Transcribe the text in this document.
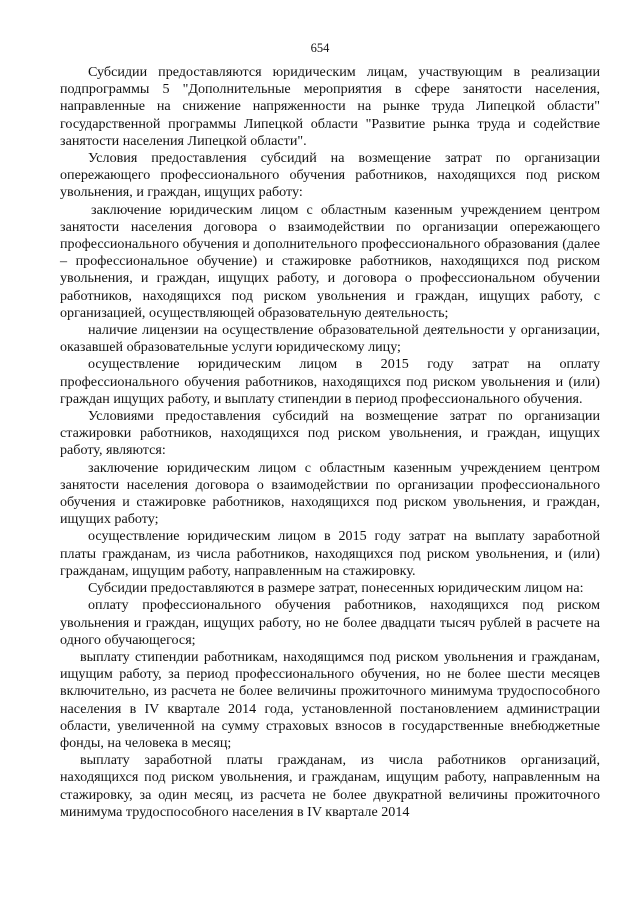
654

Субсидии предоставляются юридическим лицам, участвующим в реализации подпрограммы 5 "Дополнительные мероприятия в сфере занятости населения, направленные на снижение напряженности на рынке труда Липецкой области" государственной программы Липецкой области "Развитие рынка труда и содействие занятости населения Липецкой области".

Условия предоставления субсидий на возмещение затрат по организации опережающего профессионального обучения работников, находящихся под риском увольнения, и граждан, ищущих работу:

заключение юридическим лицом с областным казенным учреждением центром занятости населения договора о взаимодействии по организации опережающего профессионального обучения и дополнительного профессионального образования (далее – профессиональное обучение) и стажировке работников, находящихся под риском увольнения, и граждан, ищущих работу, и договора о профессиональном обучении работников, находящихся под риском увольнения и граждан, ищущих работу, с организацией, осуществляющей образовательную деятельность;

наличие лицензии на осуществление образовательной деятельности у организации, оказавшей образовательные услуги юридическому лицу;

осуществление юридическим лицом в 2015 году затрат на оплату профессионального обучения работников, находящихся под риском увольнения и (или) граждан ищущих работу, и выплату стипендии в период профессионального обучения.

Условиями предоставления субсидий на возмещение затрат по организации стажировки работников, находящихся под риском увольнения, и граждан, ищущих работу, являются:

заключение юридическим лицом с областным казенным учреждением центром занятости населения договора о взаимодействии по организации профессионального обучения и стажировке работников, находящихся под риском увольнения, и граждан, ищущих работу;

осуществление юридическим лицом в 2015 году затрат на выплату заработной платы гражданам, из числа работников, находящихся под риском увольнения, и (или) гражданам, ищущим работу, направленным на стажировку.

Субсидии предоставляются в размере затрат, понесенных юридическим лицом на:

оплату профессионального обучения работников, находящихся под риском увольнения и граждан, ищущих работу, но не более двадцати тысяч рублей в расчете на одного обучающегося;

выплату стипендии работникам, находящимся под риском увольнения и гражданам, ищущим работу, за период профессионального обучения, но не более шести месяцев включительно, из расчета не более величины прожиточного минимума трудоспособного населения в IV квартале 2014 года, установленной постановлением администрации области, увеличенной на сумму страховых взносов в государственные внебюджетные фонды, на человека в месяц;

выплату заработной платы гражданам, из числа работников организаций, находящихся под риском увольнения, и гражданам, ищущим работу, направленным на стажировку, за один месяц, из расчета не более двукратной величины прожиточного минимума трудоспособного населения в IV квартале 2014
